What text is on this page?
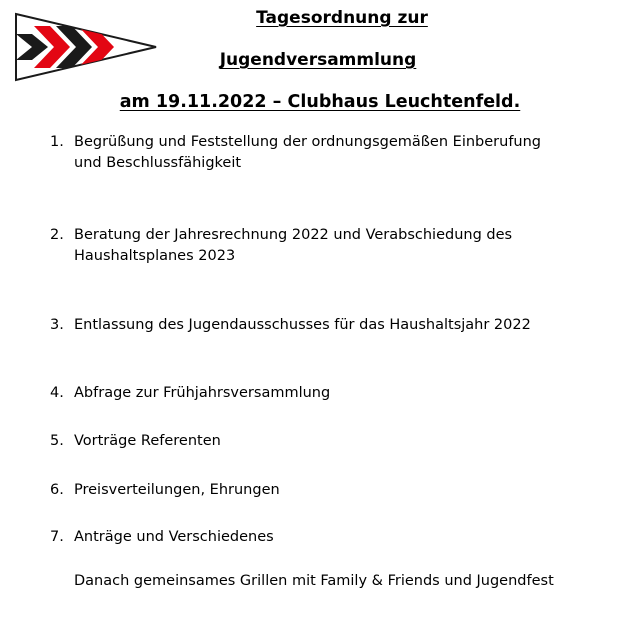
Tagesordnung zur
Jugendversammlung
am 19.11.2022 – Clubhaus Leuchtenfeld.
1. Begrüßung und Feststellung der ordnungsgemäßen Einberufung
und Beschlussfähigkeit
2. Beratung der Jahresrechnung 2022 und Verabschiedung des
Haushaltsplanes 2023
3. Entlassung des Jugendausschusses für das Haushaltsjahr 2022
4. Abfrage zur Frühjahrsversammlung
5. Vorträge Referenten
6. Preisverteilungen, Ehrungen
7. Anträge und Verschiedenes
Danach gemeinsames Grillen mit Family & Friends und Jugendfest
